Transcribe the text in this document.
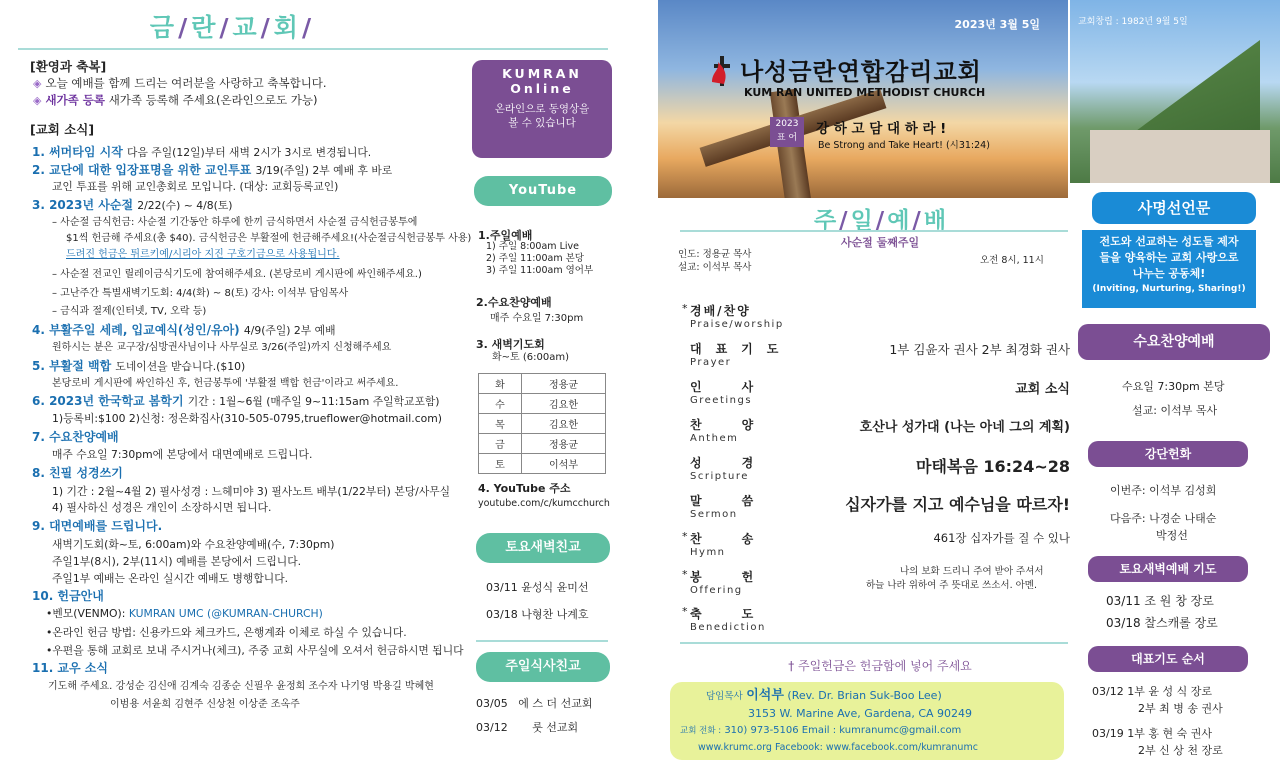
금 / 란 / 교 / 회 /
[환영과 축복]
◈ 오늘 예배를 함께 드리는 여러분을 사랑하고 축복합니다.
◈ 새가족 등록 새가족 등록해 주세요(온라인으로도 가능)
[교회 소식]
1. 써머타임 시작 다음 주일(12일)부터 새벽 2시가 3시로 변경됩니다.
2. 교단에 대한 입장표명을 위한 교인투표 3/19(주일) 2부 예배 후 바로
교인 투표를 위해 교인총회로 모입니다. (대상: 교회등록교인)
3. 2023년 사순절 2/22(수) ~ 4/8(토)
– 사순절 금식헌금: 사순절 기간동안 하루에 한끼 금식하면서 사순절 금식헌금봉투에
$1씩 헌금해 주세요(총 $40). 금식헌금은 부활절에 헌금해주세요!(사순절금식헌금봉투 사용)
드려진 헌금은 튀르키예/시리아 지진 구호기금으로 사용됩니다.
– 사순절 전교인 릴레이금식기도에 참여해주세요. (본당로비 게시판에 싸인해주세요.)
– 고난주간 특별새벽기도회: 4/4(화) ~ 8(토) 강사: 이석부 담임목사
– 금식과 절제(인터넷, TV, 오락 등)
4. 부활주일 세례, 입교예식(성인/유아) 4/9(주일) 2부 예배
원하시는 분은 교구장/심방권사님이나 사무실로 3/26(주일)까지 신청해주세요
5. 부활절 백합 도네이션을 받습니다.($10)
본당로비 게시판에 싸인하신 후, 헌금봉투에 '부활절 백합 헌금'이라고 써주세요.
6. 2023년 한국학교 봄학기 기간 : 1월~6월 (매주일 9~11:15am 주일학교포함)
1)등록비:$100 2)신청: 정은화집사(310-505-0795,trueflower@hotmail.com)
7. 수요찬양예배
매주 수요일 7:30pm에 본당에서 대면예배로 드립니다.
8. 친필 성경쓰기
1) 기간 : 2월~4월 2) 필사성경 : 느헤미야 3) 필사노트 배부(1/22부터) 본당/사무실
4) 필사하신 성경은 개인이 소장하시면 됩니다.
9. 대면예배를 드립니다.
새벽기도회(화~토, 6:00am)와 수요찬양예배(수, 7:30pm)
주일1부(8시), 2부(11시) 예배를 본당에서 드립니다.
주일1부 예배는 온라인 실시간 예배도 병행합니다.
10. 헌금안내
•벤모(VENMO): KUMRAN UMC (@KUMRAN-CHURCH)
•온라인 헌금 방법: 신용카드와 체크카드, 은행계좌 이체로 하실 수 있습니다.
•우편을 통해 교회로 보내 주시거나(체크), 주중 교회 사무실에 오셔서 헌금하시면 됩니다
11. 교우 소식
기도해 주세요. 강성순 김신애 김계숙 김종순 신필우 윤정희 조수자 나기영 박용길 박혜현
이범용 서윤희 김현주 신상천 이상준 조옥주
KUMRAN
Online
온라인으로 동영상을 볼 수 있습니다
YouTube
1.주일예배
1) 주일 8:00am Live
2) 주일 11:00am 본당
3) 주일 11:00am 영어부
2.수요찬양예배
매주 수요일 7:30pm
3. 새벽기도회
화~토 (6:00am)
화	정용균
수	김요한
목	김요한
금	정용균
토	이석부
4. YouTube 주소
youtube.com/c/kumcchurch
토요새벽친교
03/11 윤성식 윤미선
03/18 나형찬 나계호
주일식사친교
03/05 에 스 더 선교회
03/12 룻 선교회
2023년 3월 5일
나성금란연합감리교회
KUM RAN UNITED METHODIST CHURCH
2023
표 어
강 하 고 담 대 하 라 !
Be Strong and Take Heart! (시31:24)
주 / 일 / 예 / 배
사순절 둘째주일
인도: 정용균 목사
설교: 이석부 목사
오전 8시, 11시
* 경배/찬양
Praise/worship
대표기도
Prayer
1부 김윤자 권사 2부 최경화 권사
인사
Greetings
교회 소식
찬양
Anthem
호산나 성가대 (나는 아네 그의 계획)
성경
Scripture
마태복음 16:24~28
말씀
Sermon
십자가를 지고 예수님을 따르자!
* 찬송
Hymn
461장 십자가를 질 수 있나
* 봉헌
Offering
나의 보화 드리니 주여 받아 주셔서
하늘 나라 위하여 주 뜻대로 쓰소서. 아멘.
* 축도
Benediction
† 주일헌금은 헌금함에 넣어 주세요
담임목사 이석부 (Rev. Dr. Brian Suk-Boo Lee)
3153 W. Marine Ave, Gardena, CA 90249
교회 전화 : 310) 973-5106 Email : kumranumc@gmail.com
www.krumc.org Facebook: www.facebook.com/kumranumc
교회창립 : 1982년 9월 5일
사명선언문
전도와 선교하는 성도들 제자들을 양육하는 교회 사랑으로 나누는 공동체!
(Inviting, Nurturing, Sharing!)
수요찬양예배
수요일 7:30pm 본당
설교: 이석부 목사
강단헌화
이번주: 이석부 김성희
다음주: 나경순 나태순
박정선
토요새벽예배 기도
03/11 조 원 창 장로
03/18 찰스캐롤 장로
대표기도 순서
03/12 1부 윤 성 식 장로
2부 최 병 송 권사
03/19 1부 홍 현 숙 권사
2부 신 상 천 장로
